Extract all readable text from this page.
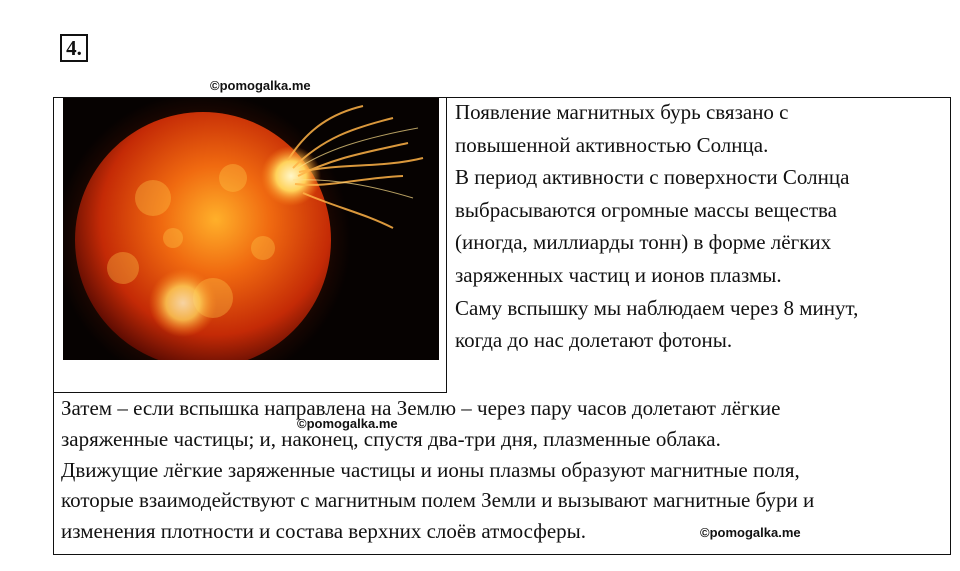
4.
©pomogalka.me
©pomogalka.me
©pomogalka.me

Появление магнитных бурь связано с

повышенной активностью Солнца.

В период активности с поверхности Солнца

выбрасываются огромные массы вещества

(иногда, миллиарды тонн) в форме лёгких

заряженных частиц и ионов плазмы.

Саму вспышку мы наблюдаем через 8 минут,

когда до нас долетают фотоны.

Затем – если вспышка направлена на Землю – через пару часов долетают лёгкие

заряженные частицы; и, наконец, спустя два-три дня, плазменные облака.

Движущие лёгкие заряженные частицы и ионы плазмы образуют магнитные поля,

которые взаимодействуют с магнитным полем Земли и вызывают магнитные бури и

изменения плотности и состава верхних слоёв атмосферы.
